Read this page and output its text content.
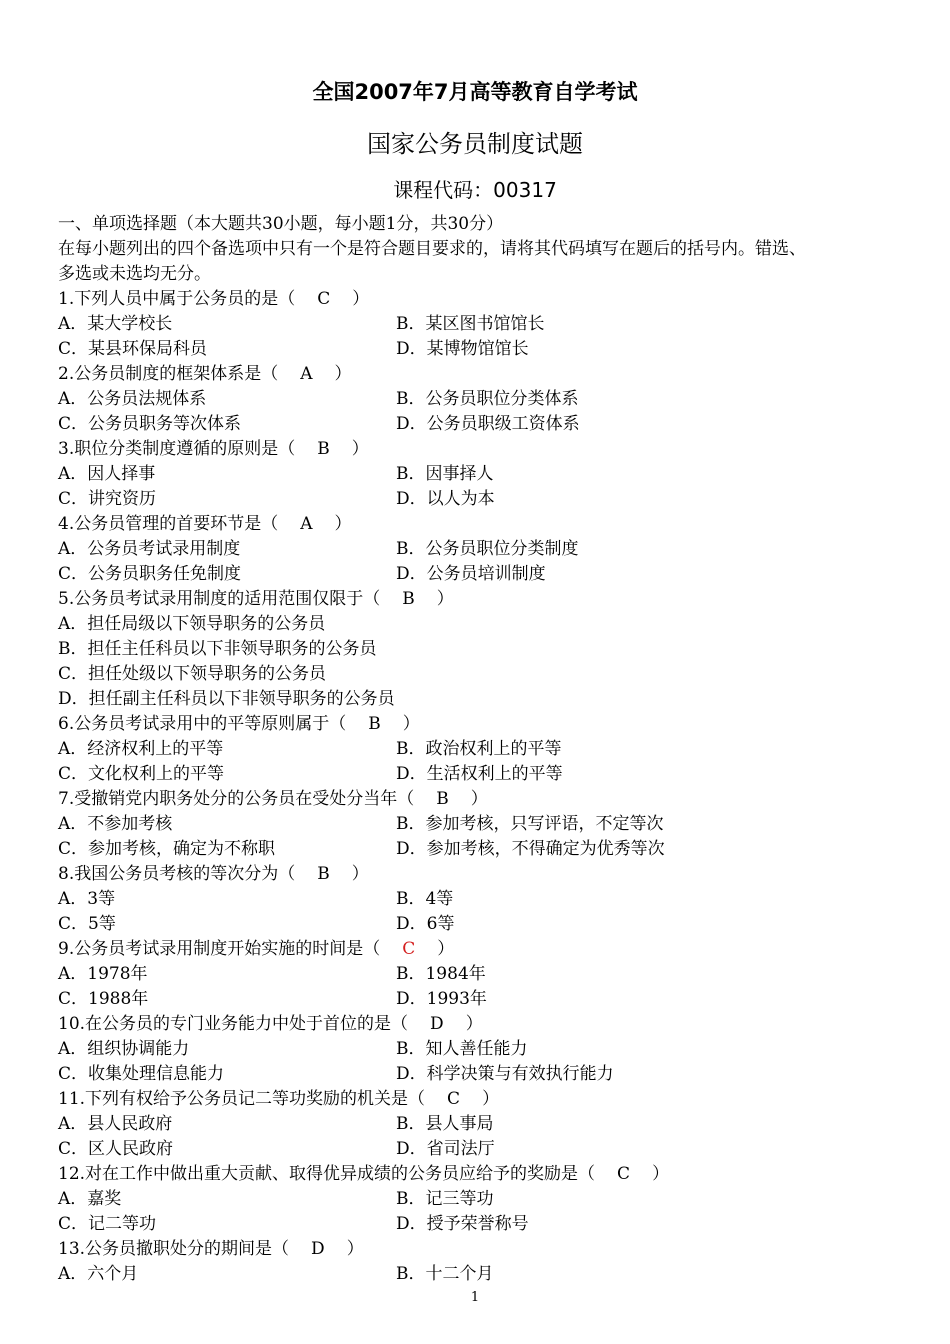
全国2007年7月高等教育自学考试
国家公务员制度试题
课程代码：00317
一、单项选择题（本大题共30小题，每小题1分，共30分）
在每小题列出的四个备选项中只有一个是符合题目要求的，请将其代码填写在题后的括号内。错选、
多选或未选均无分。
1.下列人员中属于公务员的是（ C ）
A．某大学校长	B．某区图书馆馆长
C．某县环保局科员	D．某博物馆馆长
2.公务员制度的框架体系是（ A ）
A．公务员法规体系	B．公务员职位分类体系
C．公务员职务等次体系	D．公务员职级工资体系
3.职位分类制度遵循的原则是（ B ）
A．因人择事	B．因事择人
C．讲究资历	D．以人为本
4.公务员管理的首要环节是（ A ）
A．公务员考试录用制度	B．公务员职位分类制度
C．公务员职务任免制度	D．公务员培训制度
5.公务员考试录用制度的适用范围仅限于（ B ）
A．担任局级以下领导职务的公务员
B．担任主任科员以下非领导职务的公务员
C．担任处级以下领导职务的公务员
D．担任副主任科员以下非领导职务的公务员
6.公务员考试录用中的平等原则属于（ B ）
A．经济权利上的平等	B．政治权利上的平等
C．文化权利上的平等	D．生活权利上的平等
7.受撤销党内职务处分的公务员在受处分当年（ B ）
A．不参加考核	B．参加考核，只写评语，不定等次
C．参加考核，确定为不称职	D．参加考核，不得确定为优秀等次
8.我国公务员考核的等次分为（ B ）
A．3等	B．4等
C．5等	D．6等
9.公务员考试录用制度开始实施的时间是（ C ）
A．1978年	B．1984年
C．1988年	D．1993年
10.在公务员的专门业务能力中处于首位的是（ D ）
A．组织协调能力	B．知人善任能力
C．收集处理信息能力	D．科学决策与有效执行能力
11.下列有权给予公务员记二等功奖励的机关是（ C ）
A．县人民政府	B．县人事局
C．区人民政府	D．省司法厅
12.对在工作中做出重大贡献、取得优异成绩的公务员应给予的奖励是（ C ）
A．嘉奖	B．记三等功
C．记二等功	D．授予荣誉称号
13.公务员撤职处分的期间是（ D ）
A．六个月	B．十二个月
1
